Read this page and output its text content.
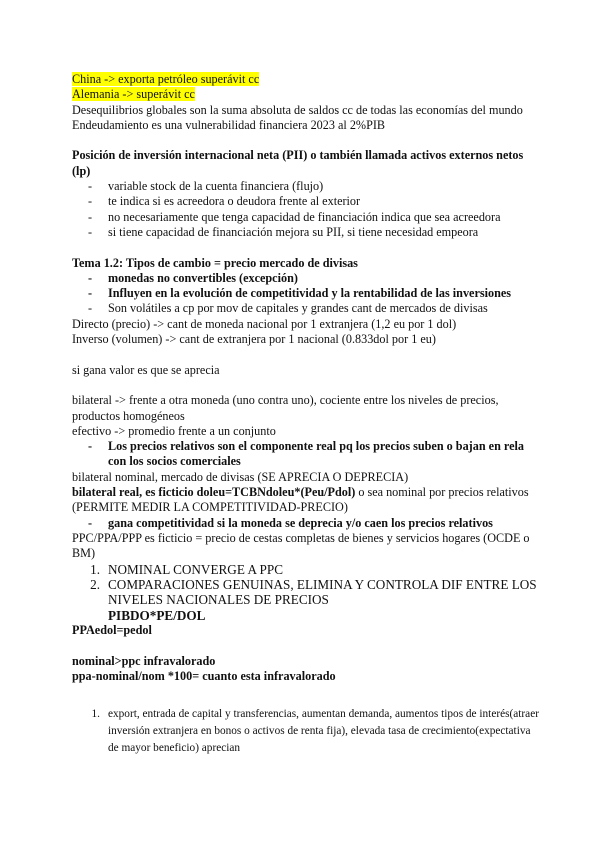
China -> exporta petróleo superávit cc

Alemania -> superávit cc

Desequilibrios globales son la suma absoluta de saldos cc de todas las economías del mundo

Endeudamiento es una vulnerabilidad financiera 2023 al 2%PIB

Posición de inversión internacional neta (PII) o también llamada activos externos netos (lp)

-	variable stock de la cuenta financiera (flujo)
-	te indica si es acreedora o deudora frente al exterior
-	no necesariamente que tenga capacidad de financiación indica que sea acreedora
-	si tiene capacidad de financiación mejora su PII, si tiene necesidad empeora

Tema 1.2: Tipos de cambio = precio mercado de divisas

-	monedas no convertibles (excepción)
-	Influyen en la evolución de competitividad y la rentabilidad de las inversiones
-	Son volátiles a cp por mov de capitales y grandes cant de mercados de divisas

Directo (precio) -> cant de moneda nacional por 1 extranjera (1,2 eu por 1 dol)

Inverso (volumen) -> cant de extranjera por 1 nacional (0.833dol por 1 eu)

si gana valor es que se aprecia

bilateral -> frente a otra moneda (uno contra uno), cociente entre los niveles de precios, productos homogéneos

efectivo -> promedio frente a un conjunto

-	Los precios relativos son el componente real pq los precios suben o bajan en rela con los socios comerciales

bilateral nominal, mercado de divisas (SE APRECIA O DEPRECIA)

bilateral real, es ficticio doleu=TCBNdoleu*(Peu/Pdol) o sea nominal por precios relativos (PERMITE MEDIR LA COMPETITIVIDAD-PRECIO)

-	gana competitividad si la moneda se deprecia y/o caen los precios relativos

PPC/PPA/PPP es ficticio = precio de cestas completas de bienes y servicios hogares (OCDE o BM)

1. NOMINAL CONVERGE A PPC
2. COMPARACIONES GENUINAS, ELIMINA Y CONTROLA DIF ENTRE LOS NIVELES NACIONALES DE PRECIOS
PIBDO*PE/DOL

PPAedol=pedol

nominal>ppc infravalorado

ppa-nominal/nom *100= cuanto esta infravalorado

1. export, entrada de capital y transferencias, aumentan demanda, aumentos tipos de interés(atraer inversión extranjera en bonos o activos de renta fija), elevada tasa de crecimiento(expectativa de mayor beneficio) aprecian
